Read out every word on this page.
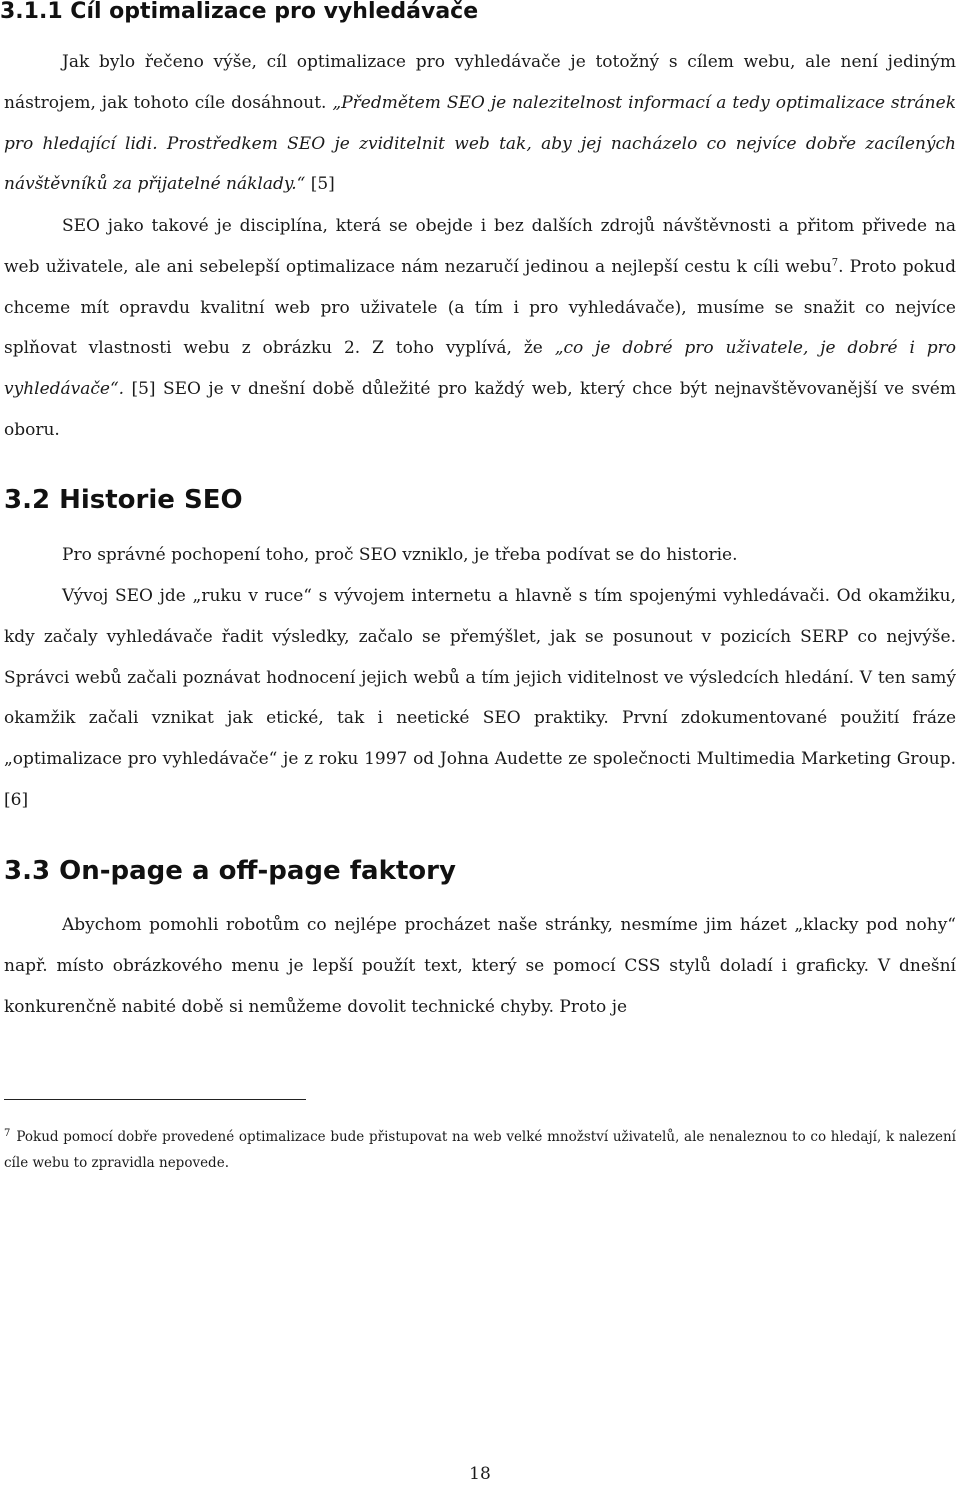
3.1.1 Cíl optimalizace pro vyhledávače

Jak bylo řečeno výše, cíl optimalizace pro vyhledávače je totožný s cílem webu, ale není jediným nástrojem, jak tohoto cíle dosáhnout. „Předmětem SEO je nalezitelnost informací a tedy optimalizace stránek pro hledající lidi. Prostředkem SEO je zviditelnit web tak, aby jej nacházelo co nejvíce dobře zacílených návštěvníků za přijatelné náklady.“ [5]

SEO jako takové je disciplína, která se obejde i bez dalších zdrojů návštěvnosti a přitom přivede na web uživatele, ale ani sebelepší optimalizace nám nezaručí jedinou a nejlepší cestu k cíli webu$^7$. Proto pokud chceme mít opravdu kvalitní web pro uživatele (a tím i pro vyhledávače), musíme se snažit co nejvíce splňovat vlastnosti webu z obrázku 2. Z toho vyplívá, že „co je dobré pro uživatele, je dobré i pro vyhledávače“. [5] SEO je v dnešní době důležité pro každý web, který chce být nejnavštěvovanější ve svém oboru.

3.2 Historie SEO

Pro správné pochopení toho, proč SEO vzniklo, je třeba podívat se do historie.

Vývoj SEO jde „ruku v ruce“ s vývojem internetu a hlavně s tím spojenými vyhledávači. Od okamžiku, kdy začaly vyhledávače řadit výsledky, začalo se přemýšlet, jak se posunout v pozicích SERP co nejvýše. Správci webů začali poznávat hodnocení jejich webů a tím jejich viditelnost ve výsledcích hledání. V ten samý okamžik začali vznikat jak etické, tak i neetické SEO praktiky. První zdokumentované použití fráze „optimalizace pro vyhledávače“ je z roku 1997 od Johna Audette ze společnocti Multimedia Marketing Group. [6]

3.3 On-page a off-page faktory

Abychom pomohli robotům co nejlépe procházet naše stránky, nesmíme jim házet „klacky pod nohy“ např. místo obrázkového menu je lepší použít text, který se pomocí CSS stylů doladí i graficky. V dnešní konkurenčně nabité době si nemůžeme dovolit technické chyby. Proto je

$^7$ Pokud pomocí dobře provedené optimalizace bude přistupovat na web velké množství uživatelů, ale nenaleznou to co hledají, k nalezení cíle webu to zpravidla nepovede.

18
